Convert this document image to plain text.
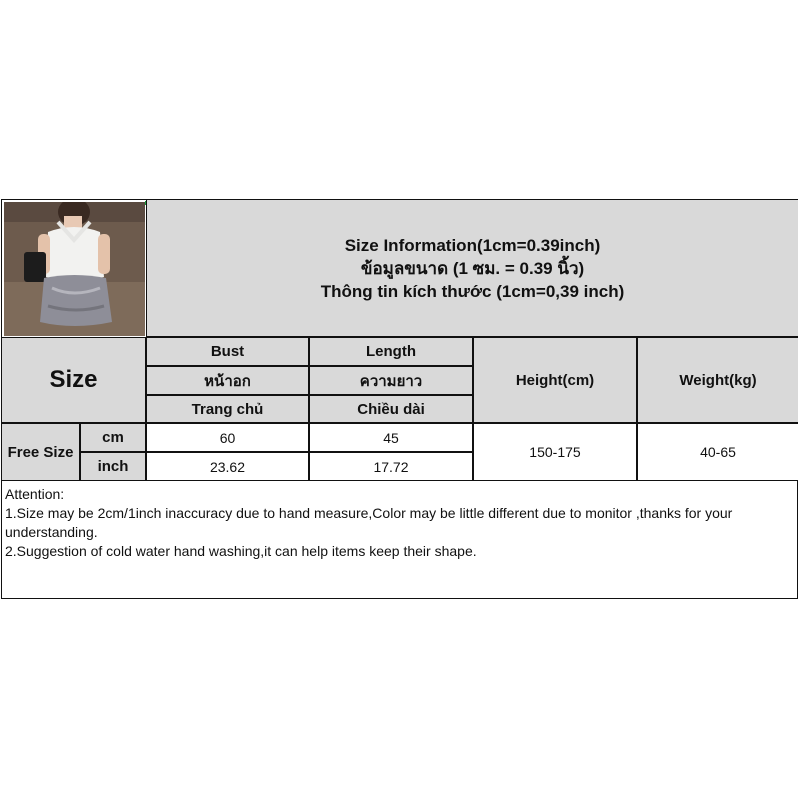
Size Information(1cm=0.39inch)
ข้อมูลขนาด (1 ซม. = 0.39 นิ้ว)
Thông tin kích thước (1cm=0,39 inch)
Size
Bust
หน้าอก
Trang chủ
Length
ความยาว
Chiều dài
Height(cm)	Weight(kg)
Free Size
cm
inch
60
23.62
45
17.72
150-175	40-65
Attention:
1.Size may be 2cm/1inch inaccuracy due to hand measure,Color may be little different due to monitor ,thanks for your understanding.
2.Suggestion of cold water hand washing,it can help items keep their shape.
